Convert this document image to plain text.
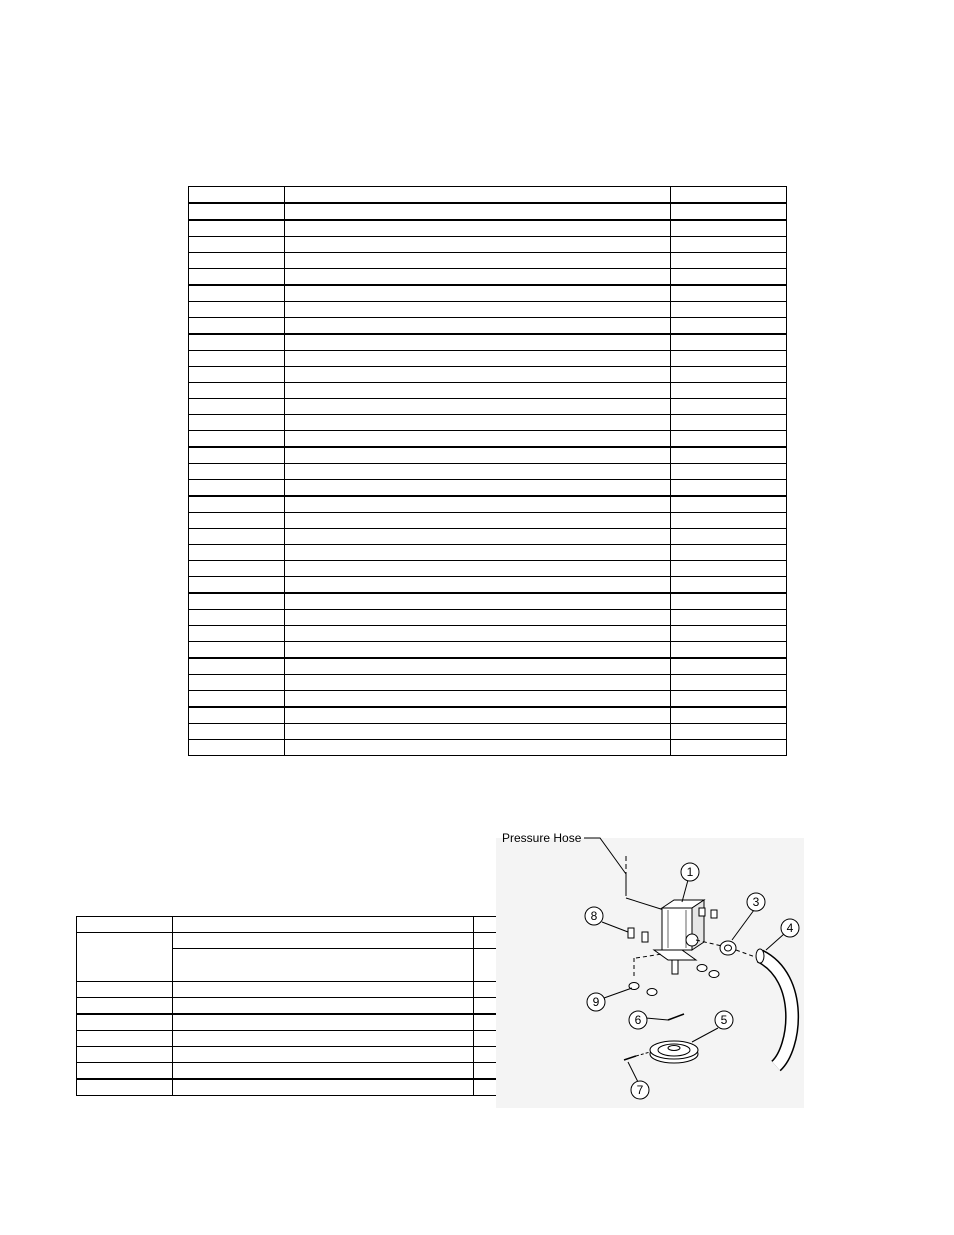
Pressure Hose
1
3
4
5
6
7
8
9
